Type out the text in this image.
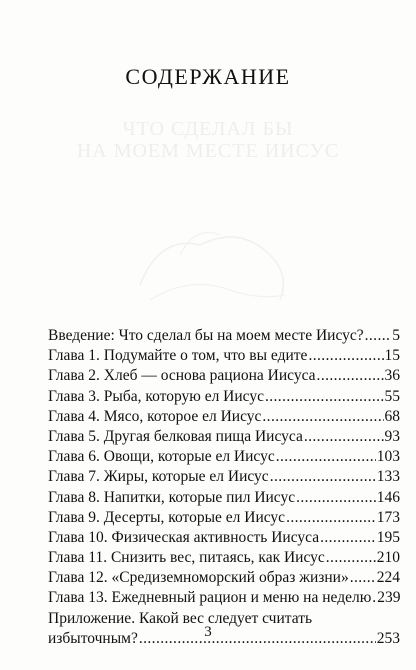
ЧТО СДЕЛАЛ БЫ
НА МОЕМ МЕСТЕ ИИСУС
СОДЕРЖАНИЕ
Введение: Что сделал бы на моем месте Иисус? ..... 5
Глава 1. Подумайте о том, что вы едите .....	15
Глава 2. Хлеб — основа рациона Иисуса .....	36
Глава 3. Рыба, которую ел Иисус .....	55
Глава 4. Мясо, которое ел Иисус .....	68
Глава 5. Другая белковая пища Иисуса .....	93
Глава 6. Овощи, которые ел Иисус .....	103
Глава 7. Жиры, которые ел Иисус .....	133
Глава 8. Напитки, которые пил Иисус .....	146
Глава 9. Десерты, которые ел Иисус .....	173
Глава 10. Физическая активность Иисуса .....	195
Глава 11. Снизить вес, питаясь, как Иисус .....	210
Глава 12. «Средиземноморский образ жизни» ..... 224
Глава 13. Ежедневный рацион и меню на неделю ..... 239
Приложение. Какой вес следует считать
избыточным? .....	253
3
